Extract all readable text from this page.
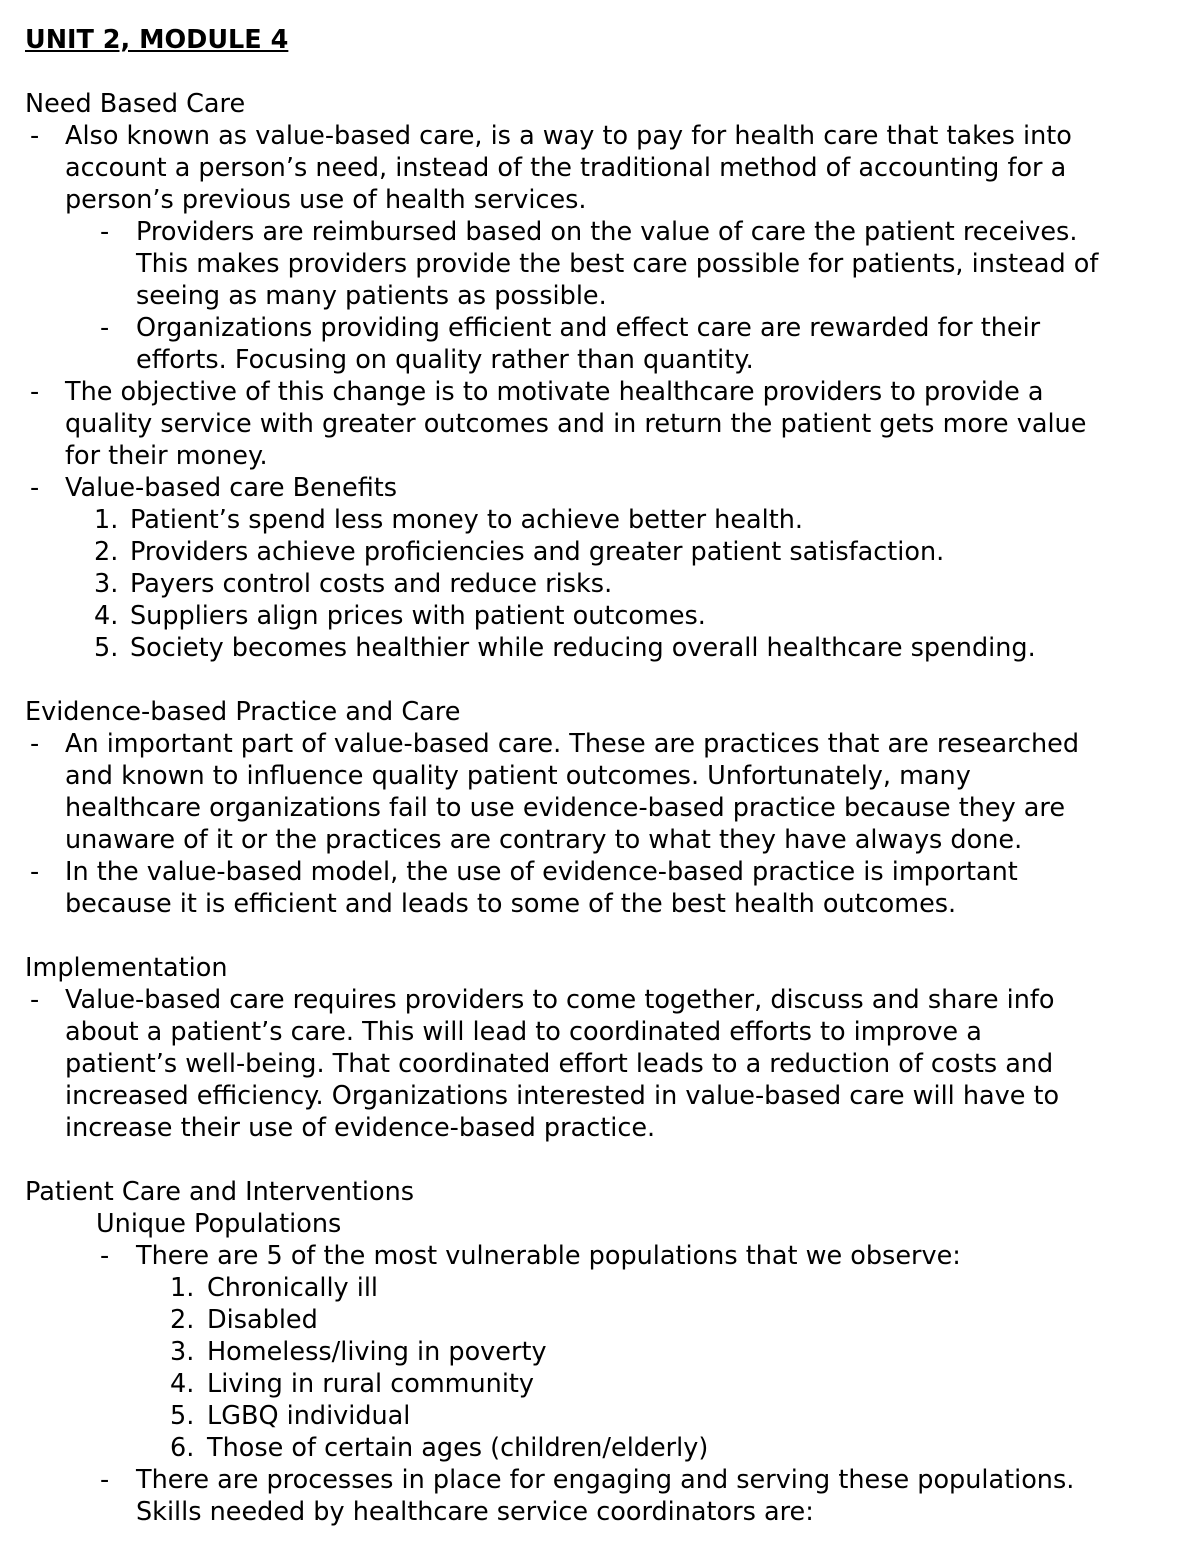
UNIT 2, MODULE 4
Need Based Care
- Also known as value-based care, is a way to pay for health care that takes into
account a person’s need, instead of the traditional method of accounting for a
person’s previous use of health services.
- Providers are reimbursed based on the value of care the patient receives.
This makes providers provide the best care possible for patients, instead of
seeing as many patients as possible.
- Organizations providing efficient and effect care are rewarded for their
efforts. Focusing on quality rather than quantity.
- The objective of this change is to motivate healthcare providers to provide a
quality service with greater outcomes and in return the patient gets more value
for their money.
- Value-based care Benefits
1. Patient’s spend less money to achieve better health.
2. Providers achieve proficiencies and greater patient satisfaction.
3. Payers control costs and reduce risks.
4. Suppliers align prices with patient outcomes.
5. Society becomes healthier while reducing overall healthcare spending.
Evidence-based Practice and Care
- An important part of value-based care. These are practices that are researched
and known to influence quality patient outcomes. Unfortunately, many
healthcare organizations fail to use evidence-based practice because they are
unaware of it or the practices are contrary to what they have always done.
- In the value-based model, the use of evidence-based practice is important
because it is efficient and leads to some of the best health outcomes.
Implementation
- Value-based care requires providers to come together, discuss and share info
about a patient’s care. This will lead to coordinated efforts to improve a
patient’s well-being. That coordinated effort leads to a reduction of costs and
increased efficiency. Organizations interested in value-based care will have to
increase their use of evidence-based practice.
Patient Care and Interventions
Unique Populations
- There are 5 of the most vulnerable populations that we observe:
1. Chronically ill
2. Disabled
3. Homeless/living in poverty
4. Living in rural community
5. LGBQ individual
6. Those of certain ages (children/elderly)
- There are processes in place for engaging and serving these populations.
Skills needed by healthcare service coordinators are:
